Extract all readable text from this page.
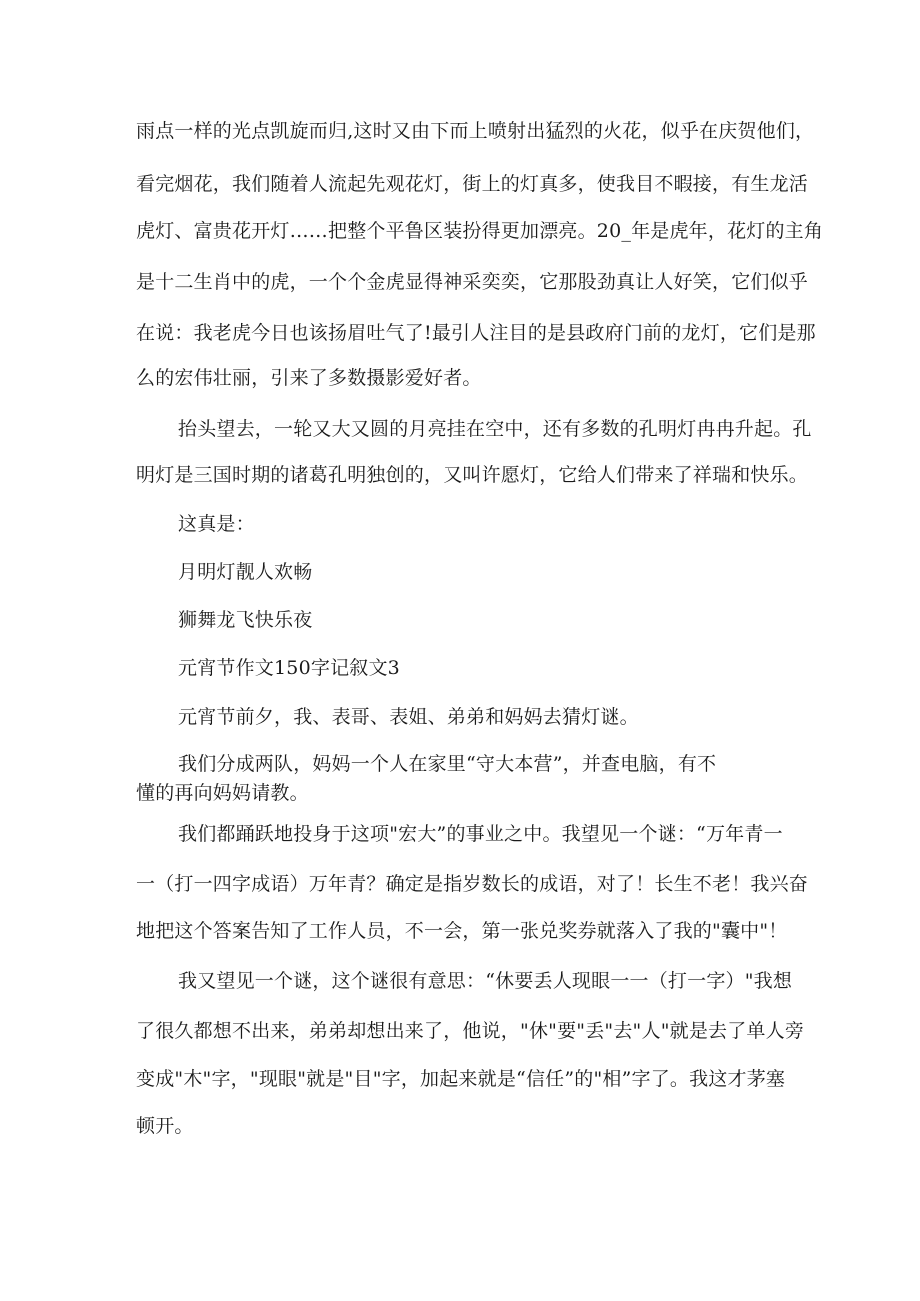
雨点一样的光点凯旋而归,这时又由下而上喷射出猛烈的火花，似乎在庆贺他们，
看完烟花，我们随着人流起先观花灯，街上的灯真多，使我目不暇接，有生龙活
虎灯、富贵花开灯……把整个平鲁区装扮得更加漂亮。20_年是虎年，花灯的主角
是十二生肖中的虎，一个个金虎显得神采奕奕，它那股劲真让人好笑，它们似乎
在说：我老虎今日也该扬眉吐气了!最引人注目的是县政府门前的龙灯，它们是那
么的宏伟壮丽，引来了多数摄影爱好者。
抬头望去，一轮又大又圆的月亮挂在空中，还有多数的孔明灯冉冉升起。孔
明灯是三国时期的诸葛孔明独创的，又叫许愿灯，它给人们带来了祥瑞和快乐。
这真是：
月明灯靓人欢畅
狮舞龙飞快乐夜
元宵节作文150字记叙文3
元宵节前夕，我、表哥、表姐、弟弟和妈妈去猜灯谜。
我们分成两队，妈妈一个人在家里“守大本营”，并查电脑，有不
懂的再向妈妈请教。
我们都踊跃地投身于这项"宏大”的事业之中。我望见一个谜：“万年青一
一（打一四字成语）万年青？确定是指岁数长的成语，对了！长生不老！我兴奋
地把这个答案告知了工作人员，不一会，第一张兑奖券就落入了我的"囊中"！
我又望见一个谜，这个谜很有意思：“休要丢人现眼一一（打一字）"我想
了很久都想不出来，弟弟却想出来了，他说，"休"要"丢"去"人"就是去了单人旁
变成"木"字，"现眼"就是"目"字，加起来就是“信任”的"相”字了。我这才茅塞
顿开。
